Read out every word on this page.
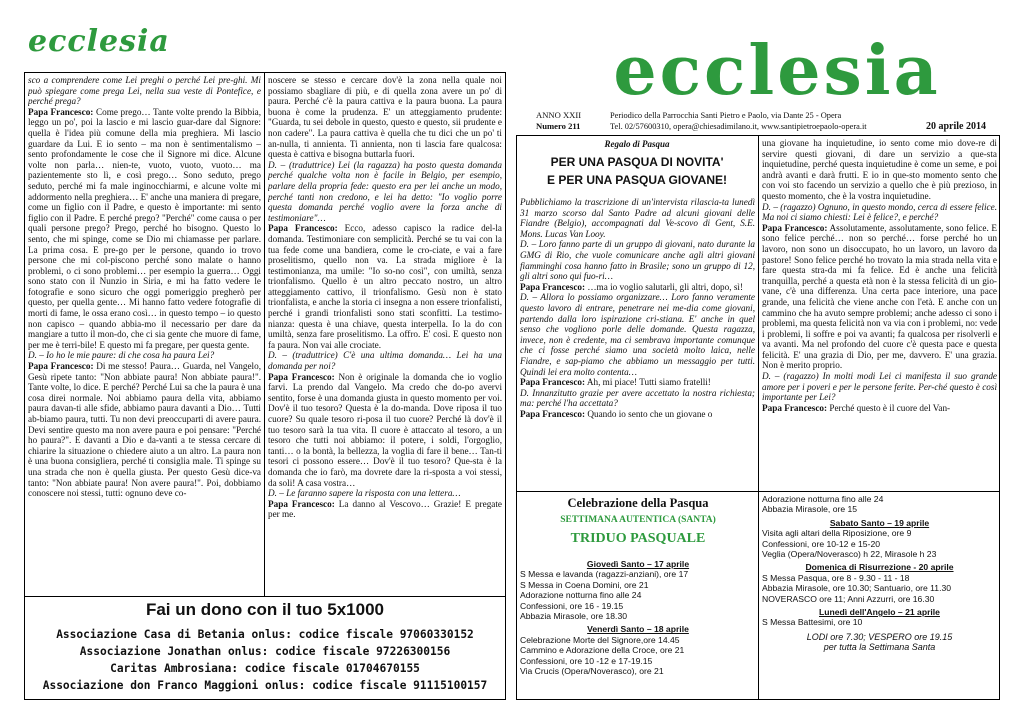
ecclesia	ecclesia
ANNO XXII
Numero 211
Periodico della Parrocchia Santi Pietro e Paolo, via Dante 25 - Opera
Tel. 02/57600310, opera@chiesadimilano.it, www.santipietroepaolo-opera.it	20 aprile 2014

sco a comprendere come Lei preghi o perché Lei pre-ghi. Mi può spiegare come prega Lei, nella sua veste di Pontefice, e perché prega?

Papa Francesco: Come prego… Tante volte prendo la Bibbia, leggo un po', poi la lascio e mi lascio guar-dare dal Signore: quella è l'idea più comune della mia preghiera. Mi lascio guardare da Lui. E io sento – ma non è sentimentalismo – sento profondamente le cose che il Signore mi dice. Alcune volte non parla… nien-te, vuoto, vuoto, vuoto… ma pazientemente sto lì, e così prego… Sono seduto, prego seduto, perché mi fa male inginocchiarmi, e alcune volte mi addormento nella preghiera… E' anche una maniera di pregare, come un figlio con il Padre, e questo è importante: mi sento figlio con il Padre. E perché prego? "Perché" come causa o per quali persone prego? Prego, perché ho bisogno. Questo lo sento, che mi spinge, come se Dio mi chiamasse per parlare. La prima cosa. E pre-go per le persone, quando io trovo persone che mi col-piscono perché sono malate o hanno problemi, o ci sono problemi… per esempio la guerra… Oggi sono stato con il Nunzio in Siria, e mi ha fatto vedere le fotografie e sono sicuro che oggi pomeriggio pregherò per questo, per quella gente… Mi hanno fatto vedere fotografie di morti di fame, le ossa erano così… in questo tempo – io questo non capisco – quando abbia-mo il necessario per dare da mangiare a tutto il mon-do, che ci sia gente che muore di fame, per me è terri-bile! E questo mi fa pregare, per questa gente.

D. – Io ho le mie paure: di che cosa ha paura Lei?

Papa Francesco: Di me stesso! Paura… Guarda, nel Vangelo, Gesù ripete tanto: "Non abbiate paura! Non abbiate paura!". Tante volte, lo dice. E perché? Perché Lui sa che la paura è una cosa direi normale. Noi abbiamo paura della vita, abbiamo paura davan-ti alle sfide, abbiamo paura davanti a Dio… Tutti ab-biamo paura, tutti. Tu non devi preoccuparti di avere paura. Devi sentire questo ma non avere paura e poi pensare: "Perché ho paura?". E davanti a Dio e da-vanti a te stessa cercare di chiarire la situazione o chiedere aiuto a un altro. La paura non è una buona consigliera, perché ti consiglia male. Ti spinge su una strada che non è quella giusta. Per questo Gesù dice-va tanto: "Non abbiate paura! Non avere paura!". Poi, dobbiamo conoscere noi stessi, tutti: ognuno deve co-

noscere se stesso e cercare dov'è la zona nella quale noi possiamo sbagliare di più, e di quella zona avere un po' di paura. Perché c'è la paura cattiva e la paura buona. La paura buona è come la prudenza. E' un atteggiamento prudente: "Guarda, tu sei debole in questo, questo e questo, sii prudente e non cadere". La paura cattiva è quella che tu dici che un po' ti an-nulla, ti annienta. Ti annienta, non ti lascia fare qualcosa: questa è cattiva e bisogna buttarla fuori.

D. – (traduttrice) Lei (la ragazza) ha posto questa domanda perché qualche volta non è facile in Belgio, per esempio, parlare della propria fede: questo era per lei anche un modo, perché tanti non credono, e lei ha detto: "Io voglio porre questa domanda perché voglio avere la forza anche di testimoniare"…

Papa Francesco: Ecco, adesso capisco la radice del-la domanda. Testimoniare con semplicità. Perché se tu vai con la tua fede come una bandiera, come le cro-ciate, e vai a fare proselitismo, quello non va. La strada migliore è la testimonianza, ma umile: "Io so-no così", con umiltà, senza trionfalismo. Quello è un altro peccato nostro, un altro atteggiamento cattivo, il trionfalismo. Gesù non è stato trionfalista, e anche la storia ci insegna a non essere trionfalisti, perché i grandi trionfalisti sono stati sconfitti. La testimo-nianza: questa è una chiave, questa interpella. Io la do con umiltà, senza fare proselitismo. La offro. E' così. E questo non fa paura. Non vai alle crociate.

D. – (traduttrice) C'è una ultima domanda… Lei ha una domanda per noi?

Papa Francesco: Non è originale la domanda che io voglio farvi. La prendo dal Vangelo. Ma credo che do-po avervi sentito, forse è una domanda giusta in questo momento per voi. Dov'è il tuo tesoro? Questa è la do-manda. Dove riposa il tuo cuore? Su quale tesoro ri-posa il tuo cuore? Perché là dov'è il tuo tesoro sarà la tua vita. Il cuore è attaccato al tesoro, a un tesoro che tutti noi abbiamo: il potere, i soldi, l'orgoglio, tanti… o la bontà, la bellezza, la voglia di fare il bene… Tan-ti tesori ci possono essere… Dov'è il tuo tesoro? Que-sta è la domanda che io farò, ma dovrete dare la ri-sposta a voi stessi, da soli! A casa vostra…

D. – Le faranno sapere la risposta con una lettera…

Papa Francesco: La danno al Vescovo… Grazie! E pregate per me.

Fai un dono con il tuo 5x1000
Associazione Casa di Betania onlus: codice fiscale 97060330152
Associazione Jonathan onlus: codice fiscale 97226300156
Caritas Ambrosiana: codice fiscale 01704670155
Associazione don Franco Maggioni onlus: codice fiscale 91115100157
Regalo di Pasqua
PER UNA PASQUA DI NOVITA'
E PER UNA PASQUA GIOVANE!

Pubblichiamo la trascrizione di un'intervista rilascia-ta lunedì 31 marzo scorso dal Santo Padre ad alcuni giovani delle Fiandre (Belgio), accompagnati dal Ve-scovo di Gent, S.E. Mons. Lucas Van Looy.

D. – Loro fanno parte di un gruppo di giovani, nato durante la GMG di Rio, che vuole comunicare anche agli altri giovani fiamminghi cosa hanno fatto in Brasile; sono un gruppo di 12, gli altri sono qui fuo-ri…

Papa Francesco: …ma io voglio salutarli, gli altri, dopo, sì!

D. – Allora lo possiamo organizzare… Loro fanno veramente questo lavoro di entrare, penetrare nei me-dia come giovani, partendo dalla loro ispirazione cri-stiana. E' anche in quel senso che vogliono porle delle domande. Questa ragazza, invece, non è credente, ma ci sembrava importante comunque che ci fosse perché siamo una società molto laica, nelle Fiandre, e sap-piamo che abbiamo un messaggio per tutti. Quindi lei era molto contenta…

Papa Francesco: Ah, mi piace! Tutti siamo fratelli!

D. Innanzitutto grazie per avere accettato la nostra richiesta; ma: perché l'ha accettata?

Papa Francesco: Quando io sento che un giovane o

una giovane ha inquietudine, io sento come mio dove-re di servire questi giovani, di dare un servizio a que-sta inquietudine, perché questa inquietudine è come un seme, e poi andrà avanti e darà frutti. E io in que-sto momento sento che con voi sto facendo un servizio a quello che è più prezioso, in questo momento, che è la vostra inquietudine.

D. – (ragazzo) Ognuno, in questo mondo, cerca di essere felice. Ma noi ci siamo chiesti: Lei è felice?, e perché?

Papa Francesco: Assolutamente, assolutamente, sono felice. E sono felice perché… non so perché… forse perché ho un lavoro, non sono un disoccupato, ho un lavoro, un lavoro da pastore! Sono felice perché ho trovato la mia strada nella vita e fare questa stra-da mi fa felice. Ed è anche una felicità tranquilla, perché a questa età non è la stessa felicità di un gio-vane, c'è una differenza. Una certa pace interiore, una pace grande, una felicità che viene anche con l'età. E anche con un cammino che ha avuto sempre problemi; anche adesso ci sono i problemi, ma questa felicità non va via con i problemi, no: vede i problemi, li soffre e poi va avanti; fa qualcosa per risolverli e va avanti. Ma nel profondo del cuore c'è questa pace e questa felicità. E' una grazia di Dio, per me, davvero. E' una grazia. Non è merito proprio.

D. – (ragazzo) In molti modi Lei ci manifesta il suo grande amore per i poveri e per le persone ferite. Per-ché questo è così importante per Lei?

Papa Francesco: Perché questo è il cuore del Van-

Celebrazione della Pasqua
SETTIMANA AUTENTICA (SANTA)
TRIDUO PASQUALE
Giovedì Santo – 17 aprile
S Messa e lavanda (ragazzi-anziani), ore 17
S Messa in Coena Domini, ore 21
Adorazione notturna fino alle 24
Confessioni, ore 16 - 19.15
Abbazia Mirasole, ore 18.30
Venerdì Santo – 18 aprile
Celebrazione Morte del Signore,ore 14.45
Cammino e Adorazione della Croce, ore 21
Confessioni, ore 10 -12 e 17-19.15
Via Crucis (Opera/Noverasco), ore 21
Adorazione notturna fino alle 24
Abbazia Mirasole, ore 15
Sabato Santo – 19 aprile
Visita agli altari della Riposizione, ore 9
Confessioni, ore 10-12 e 15-20
Veglia (Opera/Noverasco) h 22, Mirasole h 23
Domenica di Risurrezione - 20 aprile
S Messa Pasqua, ore 8 - 9.30 - 11 - 18
Abbazia Mirasole, ore 10.30; Santuario, ore 11.30
NOVERASCO ore 11; Anni Azzurri, ore 16.30
Lunedì dell'Angelo – 21 aprile
S Messa Battesimi, ore 10
LODI ore 7.30; VESPERO ore 19.15
per tutta la Settimana Santa
